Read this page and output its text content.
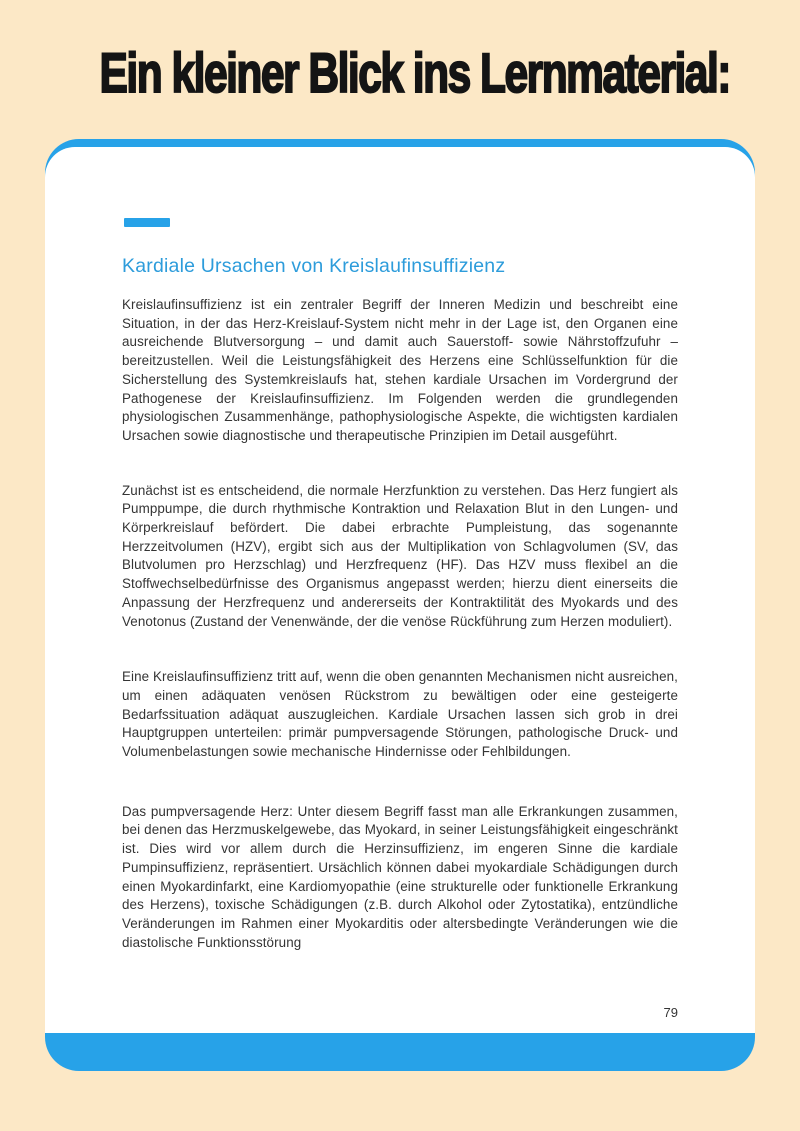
Ein kleiner Blick ins Lernmaterial:
Kardiale Ursachen von Kreislaufinsuffizienz

Kreislaufinsuffizienz ist ein zentraler Begriff der Inneren Medizin und beschreibt eine Situation, in der das Herz-Kreislauf-System nicht mehr in der Lage ist, den Organen eine ausreichende Blutversorgung – und damit auch Sauerstoff- sowie Nährstoffzufuhr – bereitzustellen. Weil die Leistungsfähigkeit des Herzens eine Schlüsselfunktion für die Sicherstellung des Systemkreislaufs hat, stehen kardiale Ursachen im Vordergrund der Pathogenese der Kreislaufinsuffizienz. Im Folgenden werden die grundlegenden physiologischen Zusammenhänge, pathophysiologische Aspekte, die wichtigsten kardialen Ursachen sowie diagnostische und therapeutische Prinzipien im Detail ausgeführt.

Zunächst ist es entscheidend, die normale Herzfunktion zu verstehen. Das Herz fungiert als Pumppumpe, die durch rhythmische Kontraktion und Relaxation Blut in den Lungen- und Körperkreislauf befördert. Die dabei erbrachte Pumpleistung, das sogenannte Herzzeitvolumen (HZV), ergibt sich aus der Multiplikation von Schlagvolumen (SV, das Blutvolumen pro Herzschlag) und Herzfrequenz (HF). Das HZV muss flexibel an die Stoffwechselbedürfnisse des Organismus angepasst werden; hierzu dient einerseits die Anpassung der Herzfrequenz und andererseits der Kontraktilität des Myokards und des Venotonus (Zustand der Venenwände, der die venöse Rückführung zum Herzen moduliert).

Eine Kreislaufinsuffizienz tritt auf, wenn die oben genannten Mechanismen nicht ausreichen, um einen adäquaten venösen Rückstrom zu bewältigen oder eine gesteigerte Bedarfssituation adäquat auszugleichen. Kardiale Ursachen lassen sich grob in drei Hauptgruppen unterteilen: primär pumpversagende Störungen, pathologische Druck- und Volumenbelastungen sowie mechanische Hindernisse oder Fehlbildungen.

Das pumpversagende Herz: Unter diesem Begriff fasst man alle Erkrankungen zusammen, bei denen das Herzmuskelgewebe, das Myokard, in seiner Leistungsfähigkeit eingeschränkt ist. Dies wird vor allem durch die Herzinsuffizienz, im engeren Sinne die kardiale Pumpinsuffizienz, repräsentiert. Ursächlich können dabei myokardiale Schädigungen durch einen Myokardinfarkt, eine Kardiomyopathie (eine strukturelle oder funktionelle Erkrankung des Herzens), toxische Schädigungen (z.B. durch Alkohol oder Zytostatika), entzündliche Veränderungen im Rahmen einer Myokarditis oder altersbedingte Veränderungen wie die diastolische Funktionsstörung

79
